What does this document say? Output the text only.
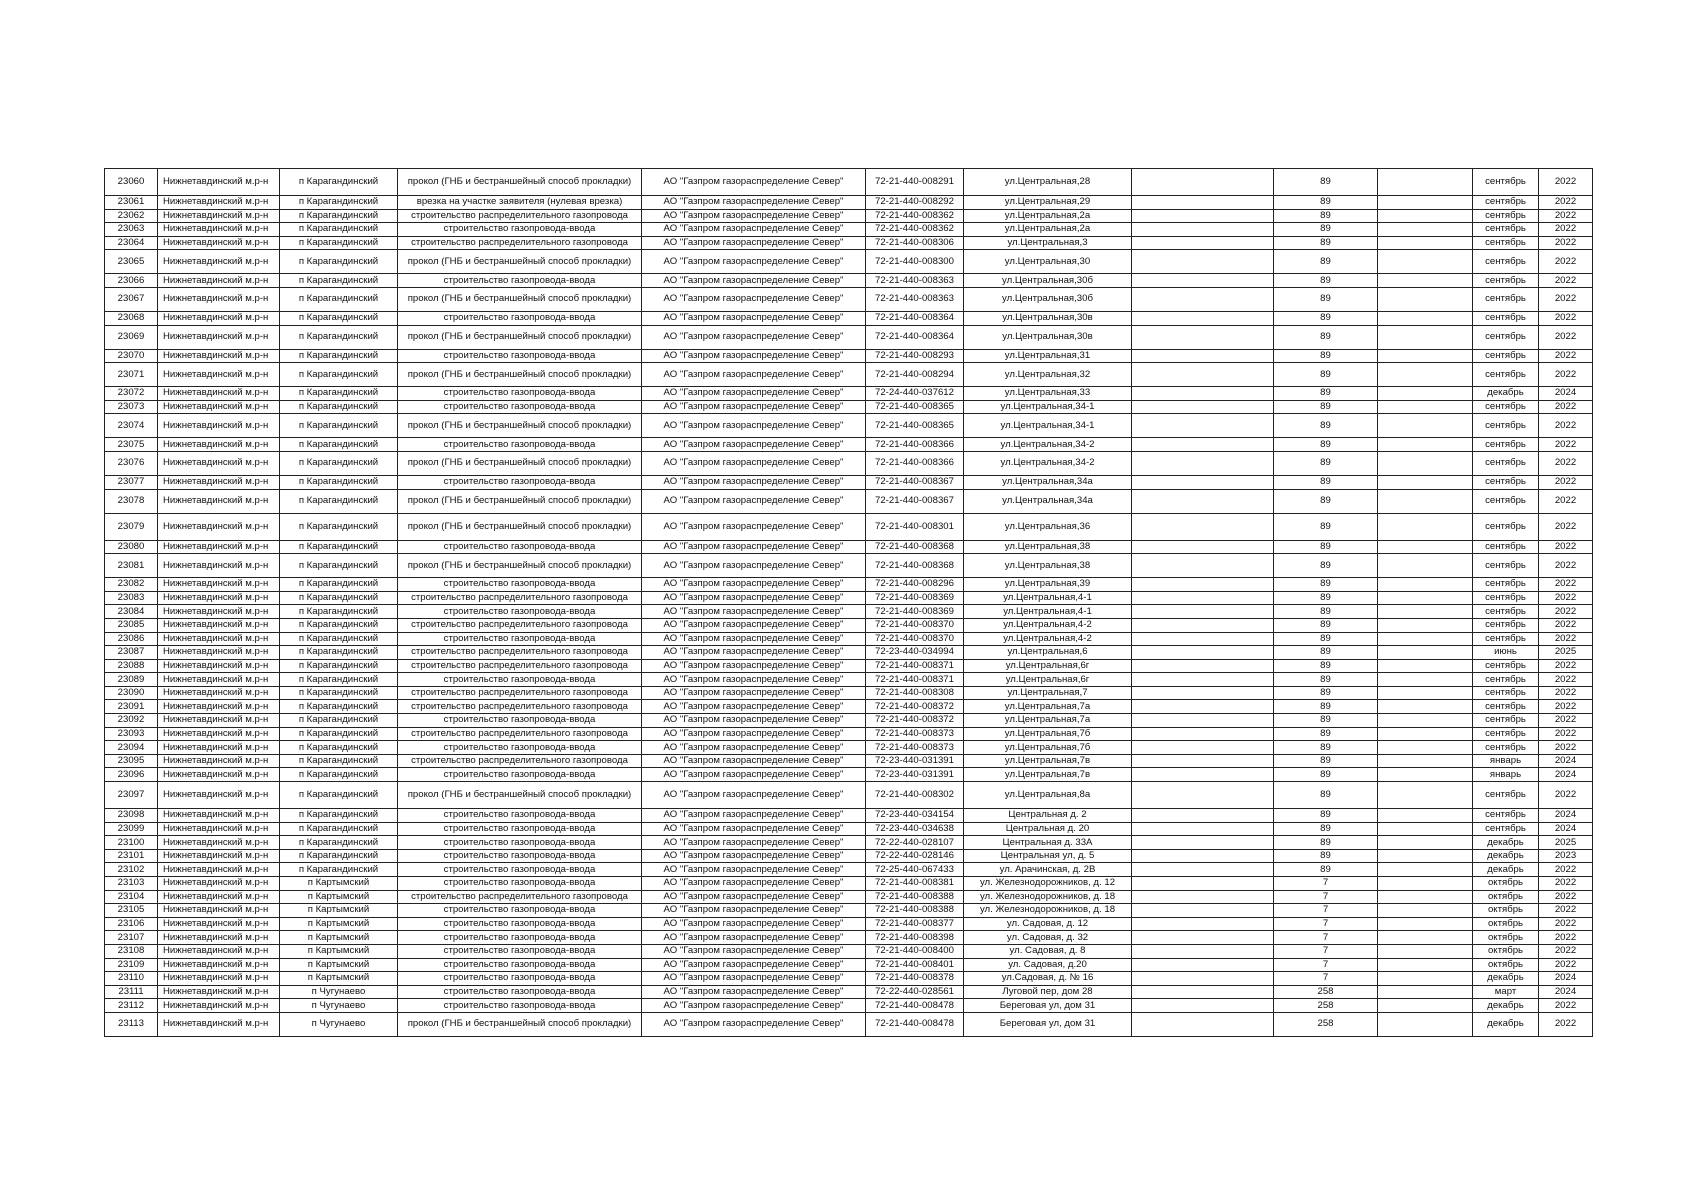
23060	Нижнетавдинский м.р-н	п Карагандинский	прокол (ГНБ и бестраншейный способ прокладки)	АО "Газпром газораспределение Север"	72-21-440-008291	ул.Центральная,28		89		сентябрь	2022
23061	Нижнетавдинский м.р-н	п Карагандинский	врезка на участке заявителя (нулевая врезка)	АО "Газпром газораспределение Север"	72-21-440-008292	ул.Центральная,29		89		сентябрь	2022
23062	Нижнетавдинский м.р-н	п Карагандинский	строительство распределительного газопровода	АО "Газпром газораспределение Север"	72-21-440-008362	ул.Центральная,2а		89		сентябрь	2022
23063	Нижнетавдинский м.р-н	п Карагандинский	строительство газопровода-ввода	АО "Газпром газораспределение Север"	72-21-440-008362	ул.Центральная,2а		89		сентябрь	2022
23064	Нижнетавдинский м.р-н	п Карагандинский	строительство распределительного газопровода	АО "Газпром газораспределение Север"	72-21-440-008306	ул.Центральная,3		89		сентябрь	2022
23065	Нижнетавдинский м.р-н	п Карагандинский	прокол (ГНБ и бестраншейный способ прокладки)	АО "Газпром газораспределение Север"	72-21-440-008300	ул.Центральная,30		89		сентябрь	2022
23066	Нижнетавдинский м.р-н	п Карагандинский	строительство газопровода-ввода	АО "Газпром газораспределение Север"	72-21-440-008363	ул.Центральная,30б		89		сентябрь	2022
23067	Нижнетавдинский м.р-н	п Карагандинский	прокол (ГНБ и бестраншейный способ прокладки)	АО "Газпром газораспределение Север"	72-21-440-008363	ул.Центральная,30б		89		сентябрь	2022
23068	Нижнетавдинский м.р-н	п Карагандинский	строительство газопровода-ввода	АО "Газпром газораспределение Север"	72-21-440-008364	ул.Центральная,30в		89		сентябрь	2022
23069	Нижнетавдинский м.р-н	п Карагандинский	прокол (ГНБ и бестраншейный способ прокладки)	АО "Газпром газораспределение Север"	72-21-440-008364	ул.Центральная,30в		89		сентябрь	2022
23070	Нижнетавдинский м.р-н	п Карагандинский	строительство газопровода-ввода	АО "Газпром газораспределение Север"	72-21-440-008293	ул.Центральная,31		89		сентябрь	2022
23071	Нижнетавдинский м.р-н	п Карагандинский	прокол (ГНБ и бестраншейный способ прокладки)	АО "Газпром газораспределение Север"	72-21-440-008294	ул.Центральная,32		89		сентябрь	2022
23072	Нижнетавдинский м.р-н	п Карагандинский	строительство газопровода-ввода	АО "Газпром газораспределение Север"	72-24-440-037612	ул.Центральная,33		89		декабрь	2024
23073	Нижнетавдинский м.р-н	п Карагандинский	строительство газопровода-ввода	АО "Газпром газораспределение Север"	72-21-440-008365	ул.Центральная,34-1		89		сентябрь	2022
23074	Нижнетавдинский м.р-н	п Карагандинский	прокол (ГНБ и бестраншейный способ прокладки)	АО "Газпром газораспределение Север"	72-21-440-008365	ул.Центральная,34-1		89		сентябрь	2022
23075	Нижнетавдинский м.р-н	п Карагандинский	строительство газопровода-ввода	АО "Газпром газораспределение Север"	72-21-440-008366	ул.Центральная,34-2		89		сентябрь	2022
23076	Нижнетавдинский м.р-н	п Карагандинский	прокол (ГНБ и бестраншейный способ прокладки)	АО "Газпром газораспределение Север"	72-21-440-008366	ул.Центральная,34-2		89		сентябрь	2022
23077	Нижнетавдинский м.р-н	п Карагандинский	строительство газопровода-ввода	АО "Газпром газораспределение Север"	72-21-440-008367	ул.Центральная,34а		89		сентябрь	2022
23078	Нижнетавдинский м.р-н	п Карагандинский	прокол (ГНБ и бестраншейный способ прокладки)	АО "Газпром газораспределение Север"	72-21-440-008367	ул.Центральная,34а		89		сентябрь	2022
23079	Нижнетавдинский м.р-н	п Карагандинский	прокол (ГНБ и бестраншейный способ прокладки)	АО "Газпром газораспределение Север"	72-21-440-008301	ул.Центральная,36		89		сентябрь	2022
23080	Нижнетавдинский м.р-н	п Карагандинский	строительство газопровода-ввода	АО "Газпром газораспределение Север"	72-21-440-008368	ул.Центральная,38		89		сентябрь	2022
23081	Нижнетавдинский м.р-н	п Карагандинский	прокол (ГНБ и бестраншейный способ прокладки)	АО "Газпром газораспределение Север"	72-21-440-008368	ул.Центральная,38		89		сентябрь	2022
23082	Нижнетавдинский м.р-н	п Карагандинский	строительство газопровода-ввода	АО "Газпром газораспределение Север"	72-21-440-008296	ул.Центральная,39		89		сентябрь	2022
23083	Нижнетавдинский м.р-н	п Карагандинский	строительство распределительного газопровода	АО "Газпром газораспределение Север"	72-21-440-008369	ул.Центральная,4-1		89		сентябрь	2022
23084	Нижнетавдинский м.р-н	п Карагандинский	строительство газопровода-ввода	АО "Газпром газораспределение Север"	72-21-440-008369	ул.Центральная,4-1		89		сентябрь	2022
23085	Нижнетавдинский м.р-н	п Карагандинский	строительство распределительного газопровода	АО "Газпром газораспределение Север"	72-21-440-008370	ул.Центральная,4-2		89		сентябрь	2022
23086	Нижнетавдинский м.р-н	п Карагандинский	строительство газопровода-ввода	АО "Газпром газораспределение Север"	72-21-440-008370	ул.Центральная,4-2		89		сентябрь	2022
23087	Нижнетавдинский м.р-н	п Карагандинский	строительство распределительного газопровода	АО "Газпром газораспределение Север"	72-23-440-034994	ул.Центральная,6		89		июнь	2025
23088	Нижнетавдинский м.р-н	п Карагандинский	строительство распределительного газопровода	АО "Газпром газораспределение Север"	72-21-440-008371	ул.Центральная,6г		89		сентябрь	2022
23089	Нижнетавдинский м.р-н	п Карагандинский	строительство газопровода-ввода	АО "Газпром газораспределение Север"	72-21-440-008371	ул.Центральная,6г		89		сентябрь	2022
23090	Нижнетавдинский м.р-н	п Карагандинский	строительство распределительного газопровода	АО "Газпром газораспределение Север"	72-21-440-008308	ул.Центральная,7		89		сентябрь	2022
23091	Нижнетавдинский м.р-н	п Карагандинский	строительство распределительного газопровода	АО "Газпром газораспределение Север"	72-21-440-008372	ул.Центральная,7а		89		сентябрь	2022
23092	Нижнетавдинский м.р-н	п Карагандинский	строительство газопровода-ввода	АО "Газпром газораспределение Север"	72-21-440-008372	ул.Центральная,7а		89		сентябрь	2022
23093	Нижнетавдинский м.р-н	п Карагандинский	строительство распределительного газопровода	АО "Газпром газораспределение Север"	72-21-440-008373	ул.Центральная,7б		89		сентябрь	2022
23094	Нижнетавдинский м.р-н	п Карагандинский	строительство газопровода-ввода	АО "Газпром газораспределение Север"	72-21-440-008373	ул.Центральная,7б		89		сентябрь	2022
23095	Нижнетавдинский м.р-н	п Карагандинский	строительство распределительного газопровода	АО "Газпром газораспределение Север"	72-23-440-031391	ул.Центральная,7в		89		январь	2024
23096	Нижнетавдинский м.р-н	п Карагандинский	строительство газопровода-ввода	АО "Газпром газораспределение Север"	72-23-440-031391	ул.Центральная,7в		89		январь	2024
23097	Нижнетавдинский м.р-н	п Карагандинский	прокол (ГНБ и бестраншейный способ прокладки)	АО "Газпром газораспределение Север"	72-21-440-008302	ул.Центральная,8а		89		сентябрь	2022
23098	Нижнетавдинский м.р-н	п Карагандинский	строительство газопровода-ввода	АО "Газпром газораспределение Север"	72-23-440-034154	Центральная д. 2		89		сентябрь	2024
23099	Нижнетавдинский м.р-н	п Карагандинский	строительство газопровода-ввода	АО "Газпром газораспределение Север"	72-23-440-034638	Центральная д. 20		89		сентябрь	2024
23100	Нижнетавдинский м.р-н	п Карагандинский	строительство газопровода-ввода	АО "Газпром газораспределение Север"	72-22-440-028107	Центральная д. 33А		89		декабрь	2025
23101	Нижнетавдинский м.р-н	п Карагандинский	строительство газопровода-ввода	АО "Газпром газораспределение Север"	72-22-440-028146	Центральная ул, д. 5		89		декабрь	2023
23102	Нижнетавдинский м.р-н	п Карагандинский	строительство газопровода-ввода	АО "Газпром газораспределение Север"	72-25-440-067433	ул. Арачинская, д. 2В		89		декабрь	2022
23103	Нижнетавдинский м.р-н	п Картымский	строительство газопровода-ввода	АО "Газпром газораспределение Север"	72-21-440-008381	ул. Железнодорожников, д. 12		7		октябрь	2022
23104	Нижнетавдинский м.р-н	п Картымский	строительство распределительного газопровода	АО "Газпром газораспределение Север"	72-21-440-008388	ул. Железнодорожников, д. 18		7		октябрь	2022
23105	Нижнетавдинский м.р-н	п Картымский	строительство газопровода-ввода	АО "Газпром газораспределение Север"	72-21-440-008388	ул. Железнодорожников, д. 18		7		октябрь	2022
23106	Нижнетавдинский м.р-н	п Картымский	строительство газопровода-ввода	АО "Газпром газораспределение Север"	72-21-440-008377	ул. Садовая, д. 12		7		октябрь	2022
23107	Нижнетавдинский м.р-н	п Картымский	строительство газопровода-ввода	АО "Газпром газораспределение Север"	72-21-440-008398	ул. Садовая, д. 32		7		октябрь	2022
23108	Нижнетавдинский м.р-н	п Картымский	строительство газопровода-ввода	АО "Газпром газораспределение Север"	72-21-440-008400	ул. Садовая, д. 8		7		октябрь	2022
23109	Нижнетавдинский м.р-н	п Картымский	строительство газопровода-ввода	АО "Газпром газораспределение Север"	72-21-440-008401	ул. Садовая, д.20		7		октябрь	2022
23110	Нижнетавдинский м.р-н	п Картымский	строительство газопровода-ввода	АО "Газпром газораспределение Север"	72-21-440-008378	ул.Садовая, д. № 16		7		декабрь	2024
23111	Нижнетавдинский м.р-н	п Чугунаево	строительство газопровода-ввода	АО "Газпром газораспределение Север"	72-22-440-028561	Луговой пер, дом 28		258		март	2024
23112	Нижнетавдинский м.р-н	п Чугунаево	строительство газопровода-ввода	АО "Газпром газораспределение Север"	72-21-440-008478	Береговая ул, дом 31		258		декабрь	2022
23113	Нижнетавдинский м.р-н	п Чугунаево	прокол (ГНБ и бестраншейный способ прокладки)	АО "Газпром газораспределение Север"	72-21-440-008478	Береговая ул, дом 31		258		декабрь	2022
